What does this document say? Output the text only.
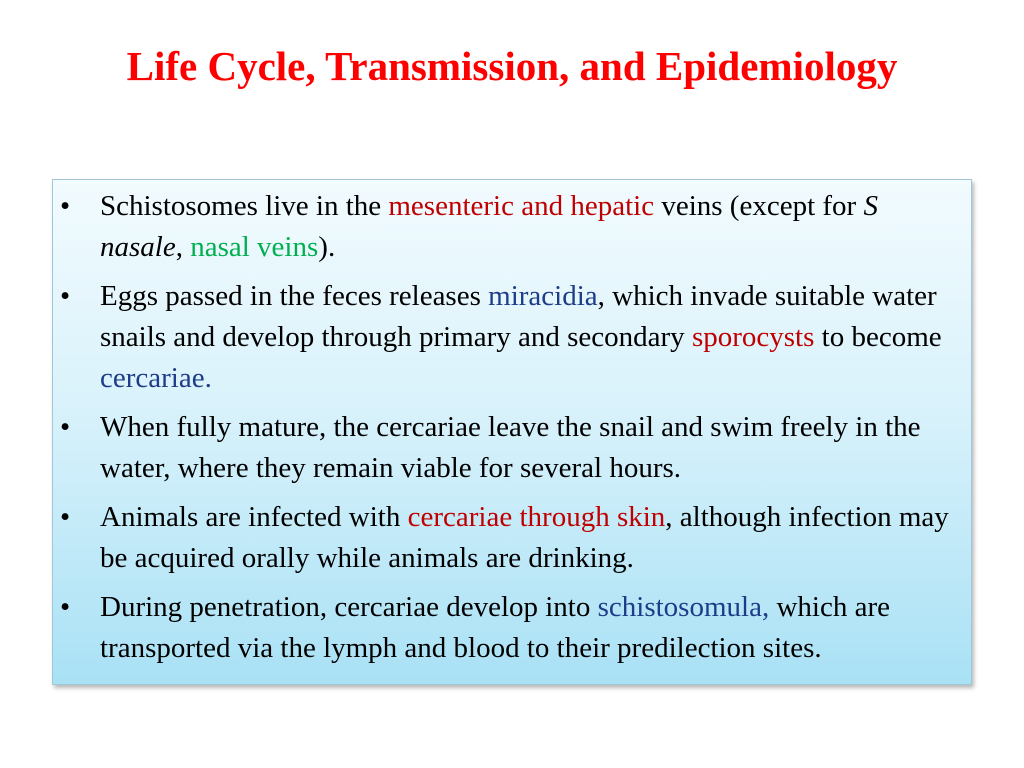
Life Cycle, Transmission, and Epidemiology
• Schistosomes live in the mesenteric and hepatic veins (except for S nasale, nasal veins).
• Eggs passed in the feces releases miracidia, which invade suitable water snails and develop through primary and secondary sporocysts to become cercariae.
• When fully mature, the cercariae leave the snail and swim freely in the water, where they remain viable for several hours.
• Animals are infected with cercariae through skin, although infection may be acquired orally while animals are drinking.
• During penetration, cercariae develop into schistosomula, which are transported via the lymph and blood to their predilection sites.
